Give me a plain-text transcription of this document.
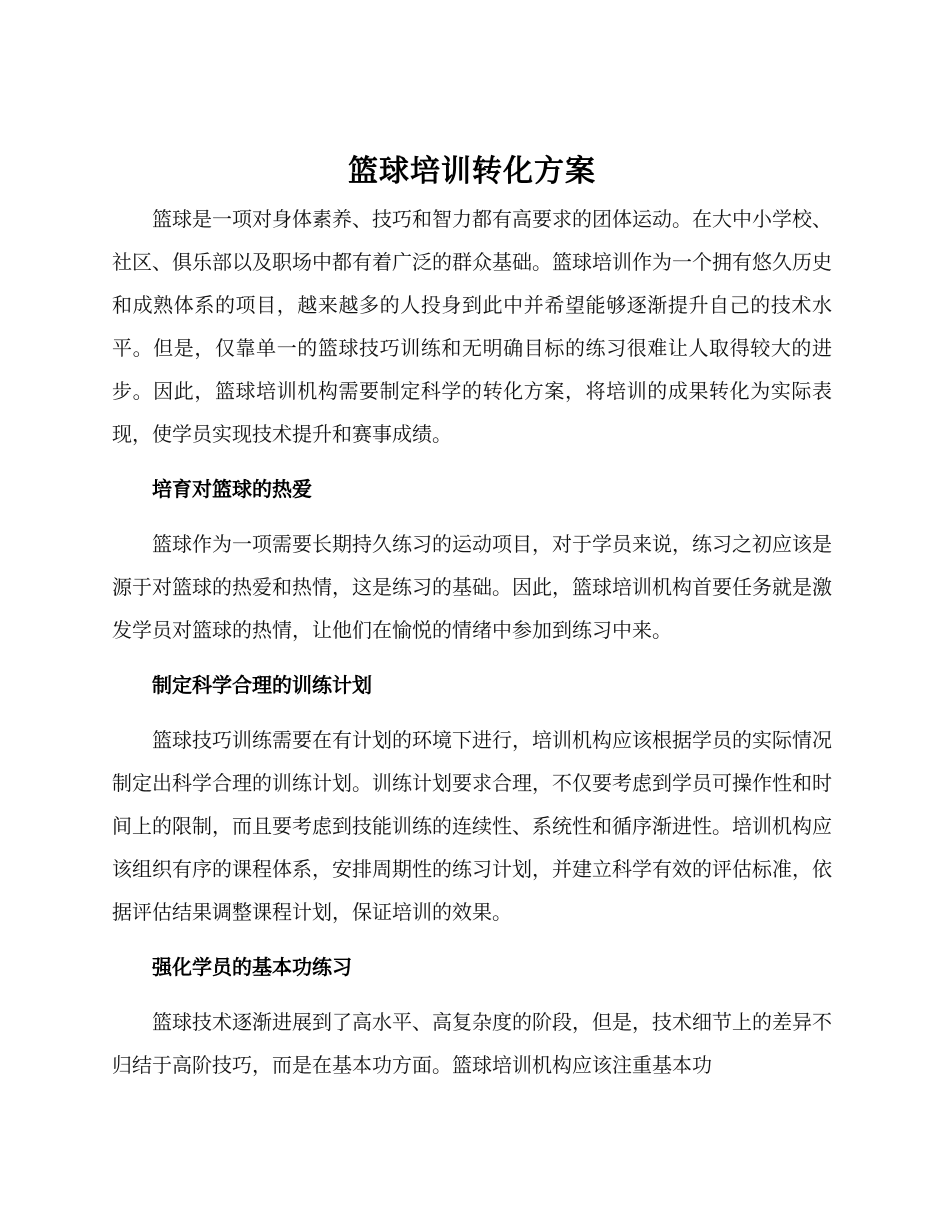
篮球培训转化方案

篮球是一项对身体素养、技巧和智力都有高要求的团体运动。在大中小学校、社区、俱乐部以及职场中都有着广泛的群众基础。篮球培训作为一个拥有悠久历史和成熟体系的项目，越来越多的人投身到此中并希望能够逐渐提升自己的技术水平。但是，仅靠单一的篮球技巧训练和无明确目标的练习很难让人取得较大的进步。因此，篮球培训机构需要制定科学的转化方案，将培训的成果转化为实际表现，使学员实现技术提升和赛事成绩。

培育对篮球的热爱

篮球作为一项需要长期持久练习的运动项目，对于学员来说，练习之初应该是源于对篮球的热爱和热情，这是练习的基础。因此，篮球培训机构首要任务就是激发学员对篮球的热情，让他们在愉悦的情绪中参加到练习中来。

制定科学合理的训练计划

篮球技巧训练需要在有计划的环境下进行，培训机构应该根据学员的实际情况制定出科学合理的训练计划。训练计划要求合理，不仅要考虑到学员可操作性和时间上的限制，而且要考虑到技能训练的连续性、系统性和循序渐进性。培训机构应该组织有序的课程体系，安排周期性的练习计划，并建立科学有效的评估标准，依据评估结果调整课程计划，保证培训的效果。

强化学员的基本功练习

篮球技术逐渐进展到了高水平、高复杂度的阶段，但是，技术细节上的差异不归结于高阶技巧，而是在基本功方面。篮球培训机构应该注重基本功
